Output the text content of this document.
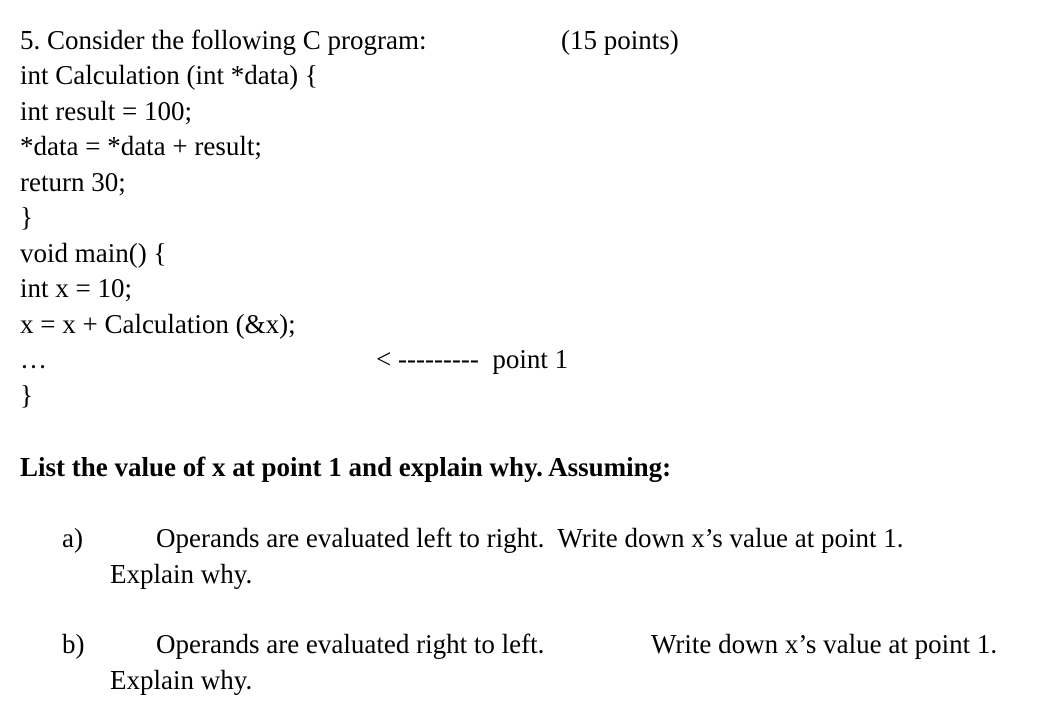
5. Consider the following C program:	(15 points)
int Calculation (int *data) {
int result = 100;
*data = *data + result;
return 30;
}
void main() {
int x = 10;
x = x + Calculation (&x);
…
}
< ---------  point 1
List the value of x at point 1 and explain why. Assuming:
a)	Operands are evaluated left to right.  Write down x’s value at point 1.
Explain why.
b)	Operands are evaluated right to left.	Write down x’s value at point 1.
Explain why.
